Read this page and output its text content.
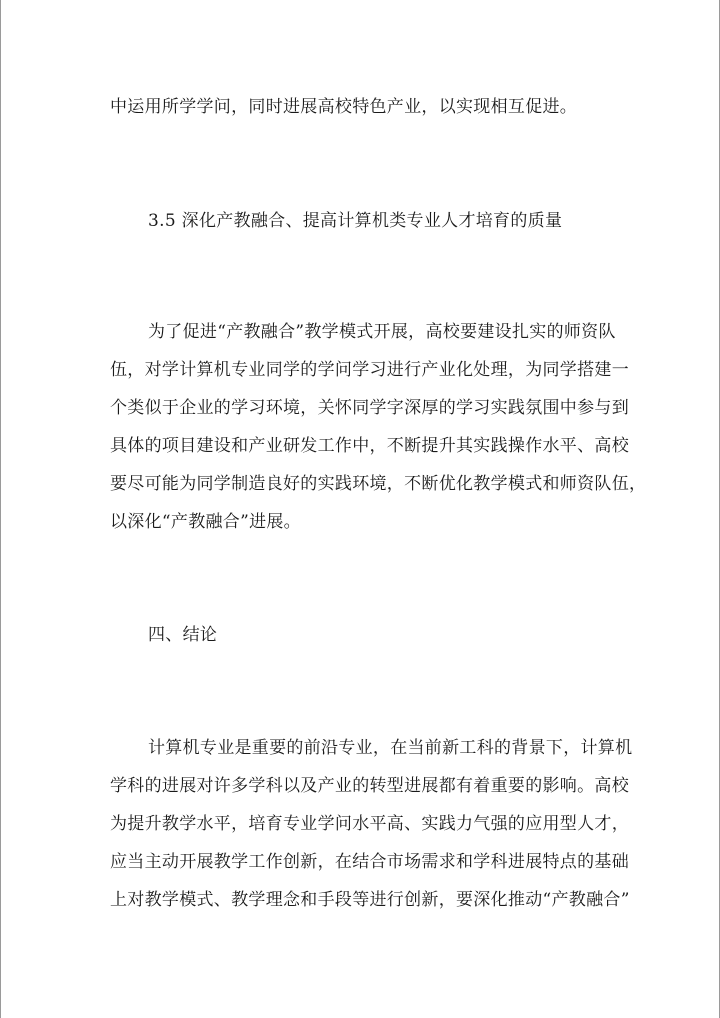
中运用所学学问，同时进展高校特色产业，以实现相互促进。
3.5 深化产教融合、提高计算机类专业人才培育的质量
为了促进“产教融合”教学模式开展，高校要建设扎实的师资队
伍，对学计算机专业同学的学问学习进行产业化处理，为同学搭建一
个类似于企业的学习环境，关怀同学字深厚的学习实践氛围中参与到
具体的项目建设和产业研发工作中，不断提升其实践操作水平、高校
要尽可能为同学制造良好的实践环境，不断优化教学模式和师资队伍，
以深化“产教融合”进展。
四、结论
计算机专业是重要的前沿专业，在当前新工科的背景下，计算机
学科的进展对许多学科以及产业的转型进展都有着重要的影响。高校
为提升教学水平，培育专业学问水平高、实践力气强的应用型人才，
应当主动开展教学工作创新，在结合市场需求和学科进展特点的基础
上对教学模式、教学理念和手段等进行创新，要深化推动“产教融合”
